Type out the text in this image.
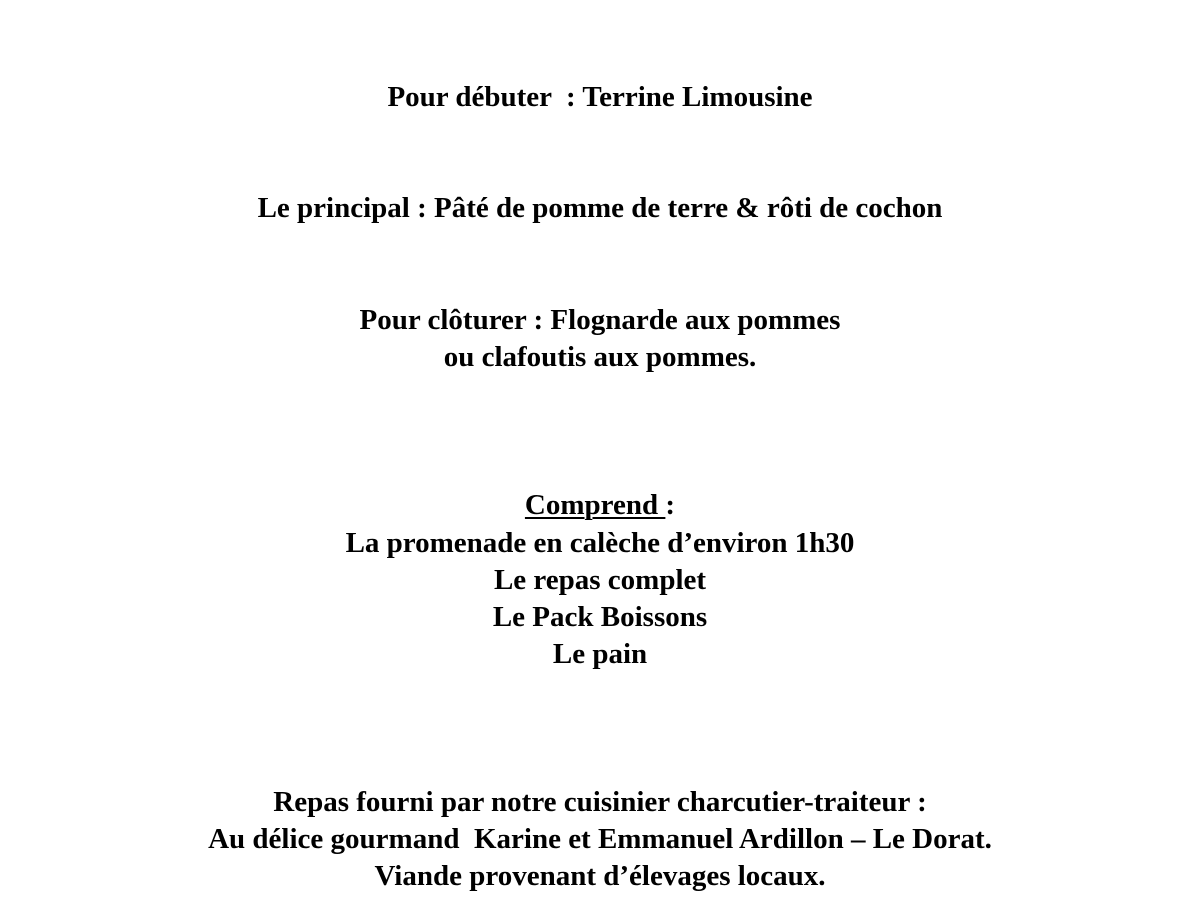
Pour débuter  : Terrine Limousine
Le principal : Pâté de pomme de terre & rôti de cochon
Pour clôturer : Flognarde aux pommes
ou clafoutis aux pommes.
Comprend :
La promenade en calèche d’environ 1h30
Le repas complet
Le Pack Boissons
Le pain
Repas fourni par notre cuisinier charcutier-traiteur :
Au délice gourmand  Karine et Emmanuel Ardillon – Le Dorat.
Viande provenant d’élevages locaux.
